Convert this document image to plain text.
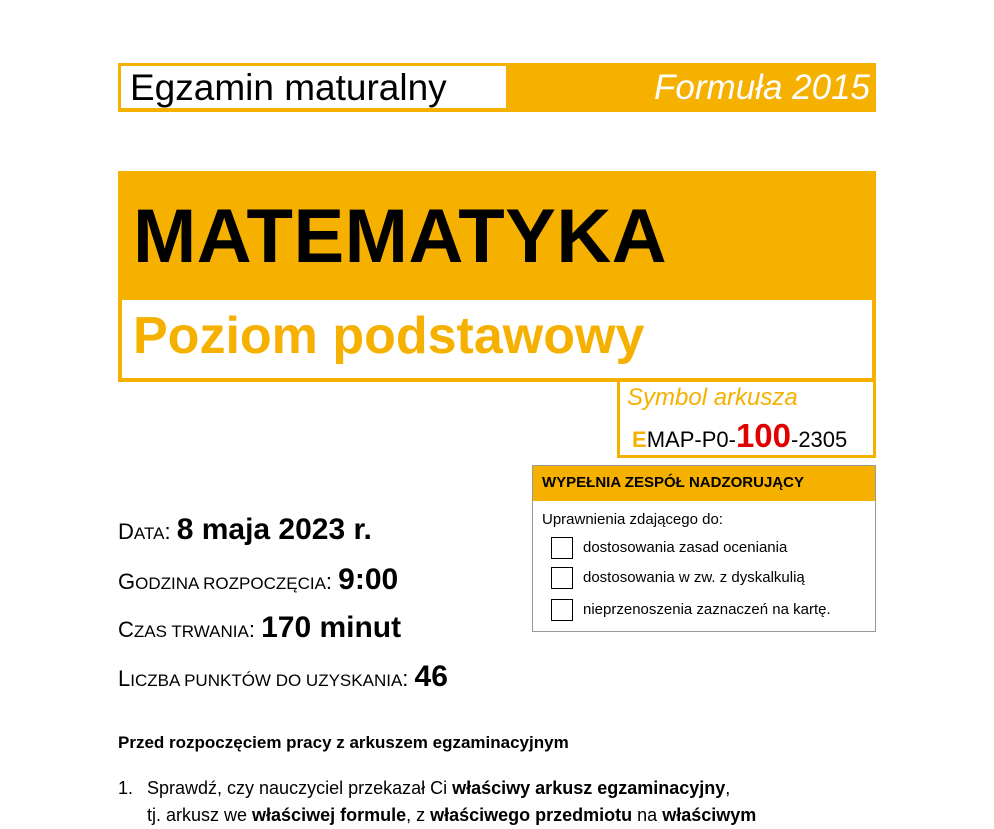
Egzamin maturalny	Formuła 2015
MATEMATYKA
Poziom podstawowy
Symbol arkusza
EMAP-P0-100-2305
WYPEŁNIA ZESPÓŁ NADZORUJĄCY
Uprawnienia zdającego do:
dostosowania zasad oceniania
dostosowania w zw. z dyskalkulią
nieprzenoszenia zaznaczeń na kartę.
DATA: 8 maja 2023 r.
GODZINA ROZPOCZĘCIA: 9:00
CZAS TRWANIA: 170 minut
LICZBA PUNKTÓW DO UZYSKANIA: 46
Przed rozpoczęciem pracy z arkuszem egzaminacyjnym
1. Sprawdź, czy nauczyciel przekazał Ci właściwy arkusz egzaminacyjny,
tj. arkusz we właściwej formule, z właściwego przedmiotu na właściwym
